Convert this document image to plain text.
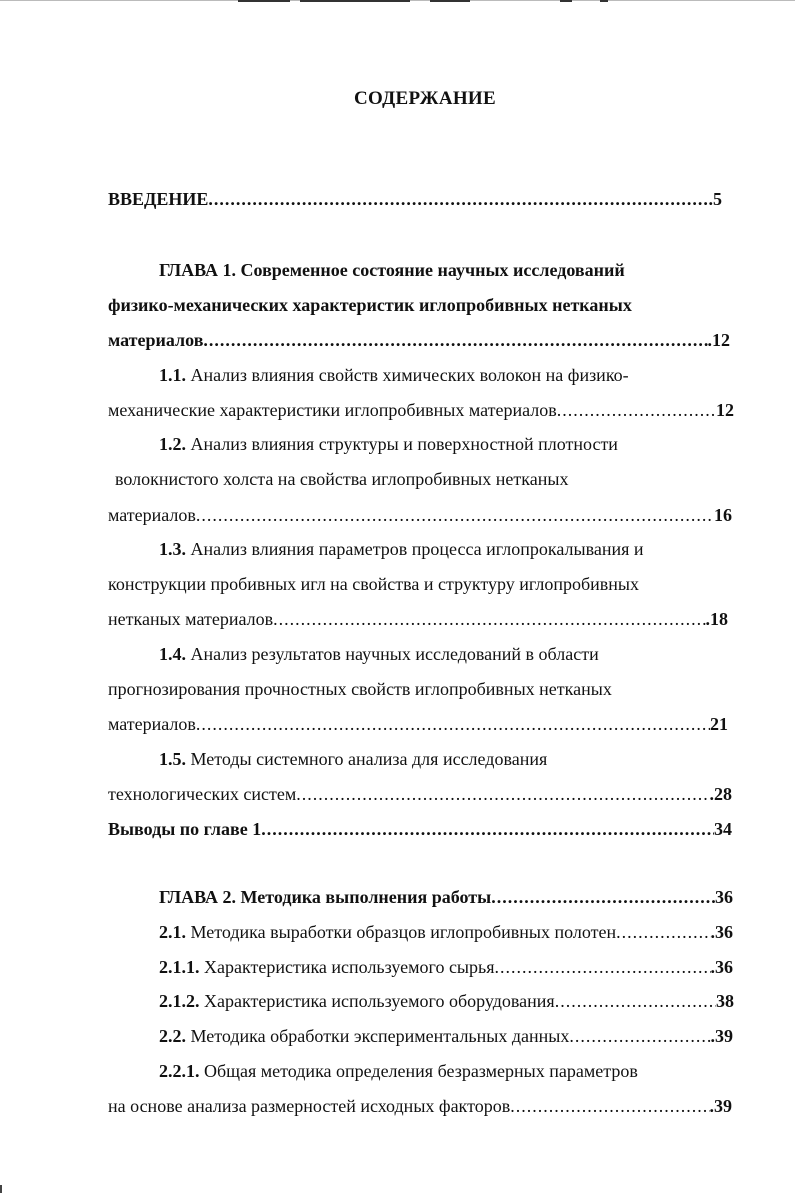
СОДЕРЖАНИЕ
ВВЕДЕНИЕ .....	.5
ГЛАВА 1. Современное состояние научных исследований
физико-механических характеристик иглопробивных нетканых
материалов .....	.12
1.1. Анализ влияния свойств химических волокон на физико-
механические характеристики иглопробивных материалов .....	12
1.2. Анализ влияния структуры и поверхностной плотности
волокнистого холста на свойства иглопробивных нетканых
материалов .....	16
1.3. Анализ влияния параметров процесса иглопрокалывания и
конструкции пробивных игл на свойства и структуру иглопробивных
нетканых материалов .....	.18
1.4. Анализ результатов научных исследований в области
прогнозирования прочностных свойств иглопробивных нетканых
материалов .....	21
1.5. Методы системного анализа для исследования
технологических систем .....	.28
Выводы по главе 1 .....	34
ГЛАВА 2. Методика выполнения работы .....	36
2.1. Методика выработки образцов иглопробивных полотен .....	.36
2.1.1. Характеристика используемого сырья .....	.36
2.1.2. Характеристика используемого оборудования .....	38
2.2. Методика обработки экспериментальных данных .....	.39
2.2.1. Общая методика определения безразмерных параметров
на основе анализа размерностей исходных факторов .....	.39
